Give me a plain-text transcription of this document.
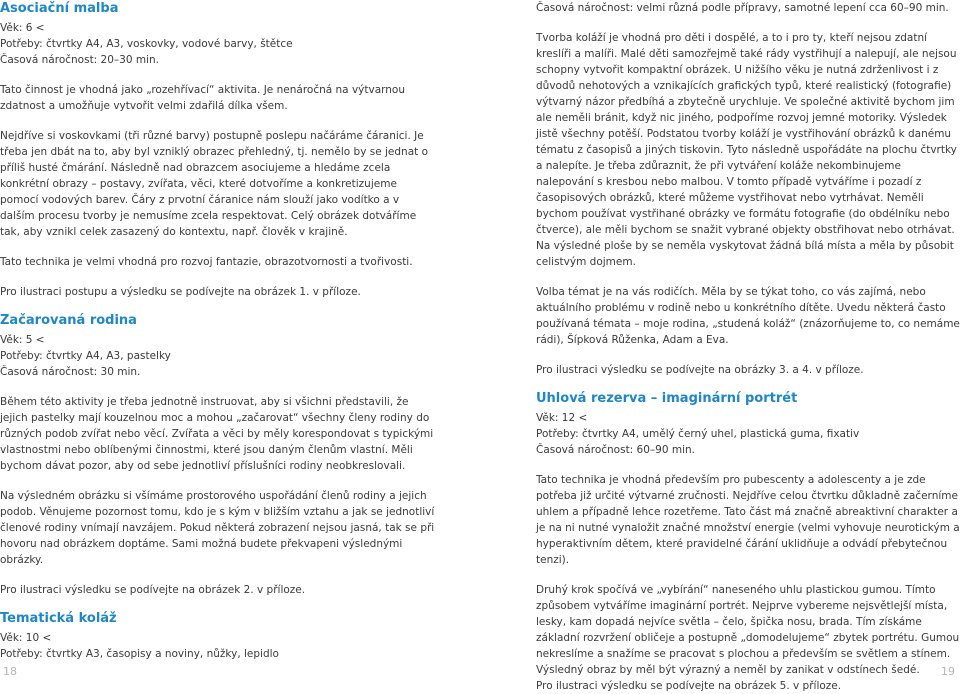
Asociační malba

Věk: 6 <

Potřeby: čtvrtky A4, A3, voskovky, vodové barvy, štětce

Časová náročnost: 20–30 min.

Tato činnost je vhodná jako „rozehřívací“ aktivita. Je nenáročná na výtvarnou zdatnost a umožňuje vytvořit velmi zdařilá dílka všem.

Nejdříve si voskovkami (tři různé barvy) postupně poslepu načáráme čáranici. Je třeba jen dbát na to, aby byl vzniklý obrazec přehledný, tj. nemělo by se jednat o příliš husté čmárání. Následně nad obrazcem asociujeme a hledáme zcela konkrétní obrazy – postavy, zvířata, věci, které dotvoříme a konkretizujeme pomocí vodových barev. Čáry z prvotní čáranice nám slouží jako vodítko a v dalším procesu tvorby je nemusíme zcela respektovat. Celý obrázek dotváříme tak, aby vznikl celek zasazený do kontextu, např. člověk v krajině.

Tato technika je velmi vhodná pro rozvoj fantazie, obrazotvornosti a tvořivosti.

Pro ilustraci postupu a výsledku se podívejte na obrázek 1. v příloze.

Začarovaná rodina

Věk: 5 <

Potřeby: čtvrtky A4, A3, pastelky

Časová náročnost: 30 min.

Během této aktivity je třeba jednotně instruovat, aby si všichni představili, že jejich pastelky mají kouzelnou moc a mohou „začarovat“ všechny členy rodiny do různých podob zvířat nebo věcí. Zvířata a věci by měly korespondovat s typickými vlastnostmi nebo oblíbenými činnostmi, které jsou daným členům vlastní. Měli bychom dávat pozor, aby od sebe jednotliví příslušníci rodiny neobkreslovali.

Na výsledném obrázku si všímáme prostorového uspořádání členů rodiny a jejich podob. Věnujeme pozornost tomu, kdo je s kým v bližším vztahu a jak se jednotliví členové rodiny vnímají navzájem. Pokud některá zobrazení nejsou jasná, tak se při hovoru nad obrázkem doptáme. Sami možná budete překvapeni výslednými obrázky.

Pro ilustraci výsledku se podívejte na obrázek 2. v příloze.

Tematická koláž

Věk: 10 <

Potřeby: čtvrtky A3, časopisy a noviny, nůžky, lepidlo

Časová náročnost: velmi různá podle přípravy, samotné lepení cca 60–90 min.

Tvorba koláží je vhodná pro děti i dospělé, a to i pro ty, kteří nejsou zdatní kreslíři a malíři. Malé děti samozřejmě také rády vystřihují a nalepují, ale nejsou schopny vytvořit kompaktní obrázek. U nižšího věku je nutná zdrženlivost i z důvodů nehotových a vznikajících grafických typů, které realistický (fotografie) výtvarný názor předbíhá a zbytečně urychluje. Ve společné aktivitě bychom jim ale neměli bránit, když nic jiného, podpoříme rozvoj jemné motoriky. Výsledek jistě všechny potěší. Podstatou tvorby koláží je vystřihování obrázků k danému tématu z časopisů a jiných tiskovin. Tyto následně uspořádáte na plochu čtvrtky a nalepíte. Je třeba zdůraznit, že při vytváření koláže nekombinujeme nalepování s kresbou nebo malbou. V tomto případě vytváříme i pozadí z časopisových obrázků, které můžeme vystřihovat nebo vytrhávat. Neměli bychom používat vystřihané obrázky ve formátu fotografie (do obdélníku nebo čtverce), ale měli bychom se snažit vybrané objekty obstřihovat nebo otrhávat. Na výsledné ploše by se neměla vyskytovat žádná bílá místa a měla by působit celistvým dojmem.

Volba témat je na vás rodičích. Měla by se týkat toho, co vás zajímá, nebo aktuálního problému v rodině nebo u konkrétního dítěte. Uvedu některá často používaná témata – moje rodina, „studená koláž“ (znázorňujeme to, co nemáme rádi), Šípková Růženka, Adam a Eva.

Pro ilustraci výsledku se podívejte na obrázky 3. a 4. v příloze.

Uhlová rezerva – imaginární portrét

Věk: 12 <

Potřeby: čtvrtky A4, umělý černý uhel, plastická guma, fixativ

Časová náročnost: 60–90 min.

Tato technika je vhodná především pro pubescenty a adolescenty a je zde potřeba již určité výtvarné zručnosti. Nejdříve celou čtvrtku důkladně začerníme uhlem a případně lehce rozetřeme. Tato část má značně abreaktivní charakter a je na ni nutné vynaložit značné množství energie (velmi vyhovuje neurotickým a hyperaktivním dětem, které pravidelné čárání uklidňuje a odvádí přebytečnou tenzi).

Druhý krok spočívá ve „vybírání“ naneseného uhlu plastickou gumou. Tímto způsobem vytváříme imaginární portrét. Nejprve vybereme nejsvětlejší místa, lesky, kam dopadá nejvíce světla – čelo, špička nosu, brada. Tím získáme základní rozvržení obličeje a postupně „domodelujeme“ zbytek portrétu. Gumou nekreslíme a snažíme se pracovat s plochou a především se světlem a stínem. Výsledný obraz by měl být výrazný a neměl by zanikat v odstínech šedé.

Pro ilustraci výsledku se podívejte na obrázek 5. v příloze.

18	19
